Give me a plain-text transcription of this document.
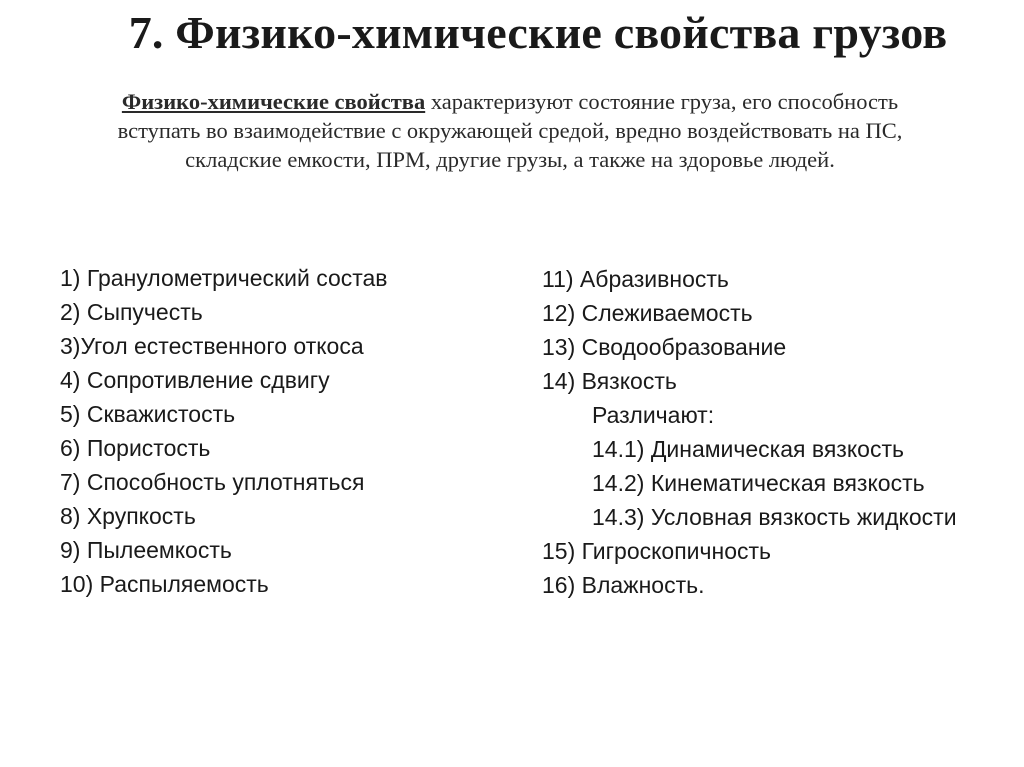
7. Физико-химические свойства грузов
Физико-химические свойства характеризуют состояние груза, его способность
вступать во взаимодействие с окружающей средой, вредно воздействовать на ПС,
складские емкости, ПРМ, другие грузы, а также на здоровье людей.
1) Гранулометрический состав
2) Сыпучесть
3)Угол естественного откоса
4) Сопротивление сдвигу
5) Скважистость
6) Пористость
7) Способность уплотняться
8) Хрупкость
9) Пылеемкость
10) Распыляемость
11) Абразивность
12) Слеживаемость
13) Сводообразование
14) Вязкость
Различают:
14.1) Динамическая вязкость
14.2) Кинематическая вязкость
14.3) Условная вязкость жидкости
15) Гигроскопичность
16) Влажность.
